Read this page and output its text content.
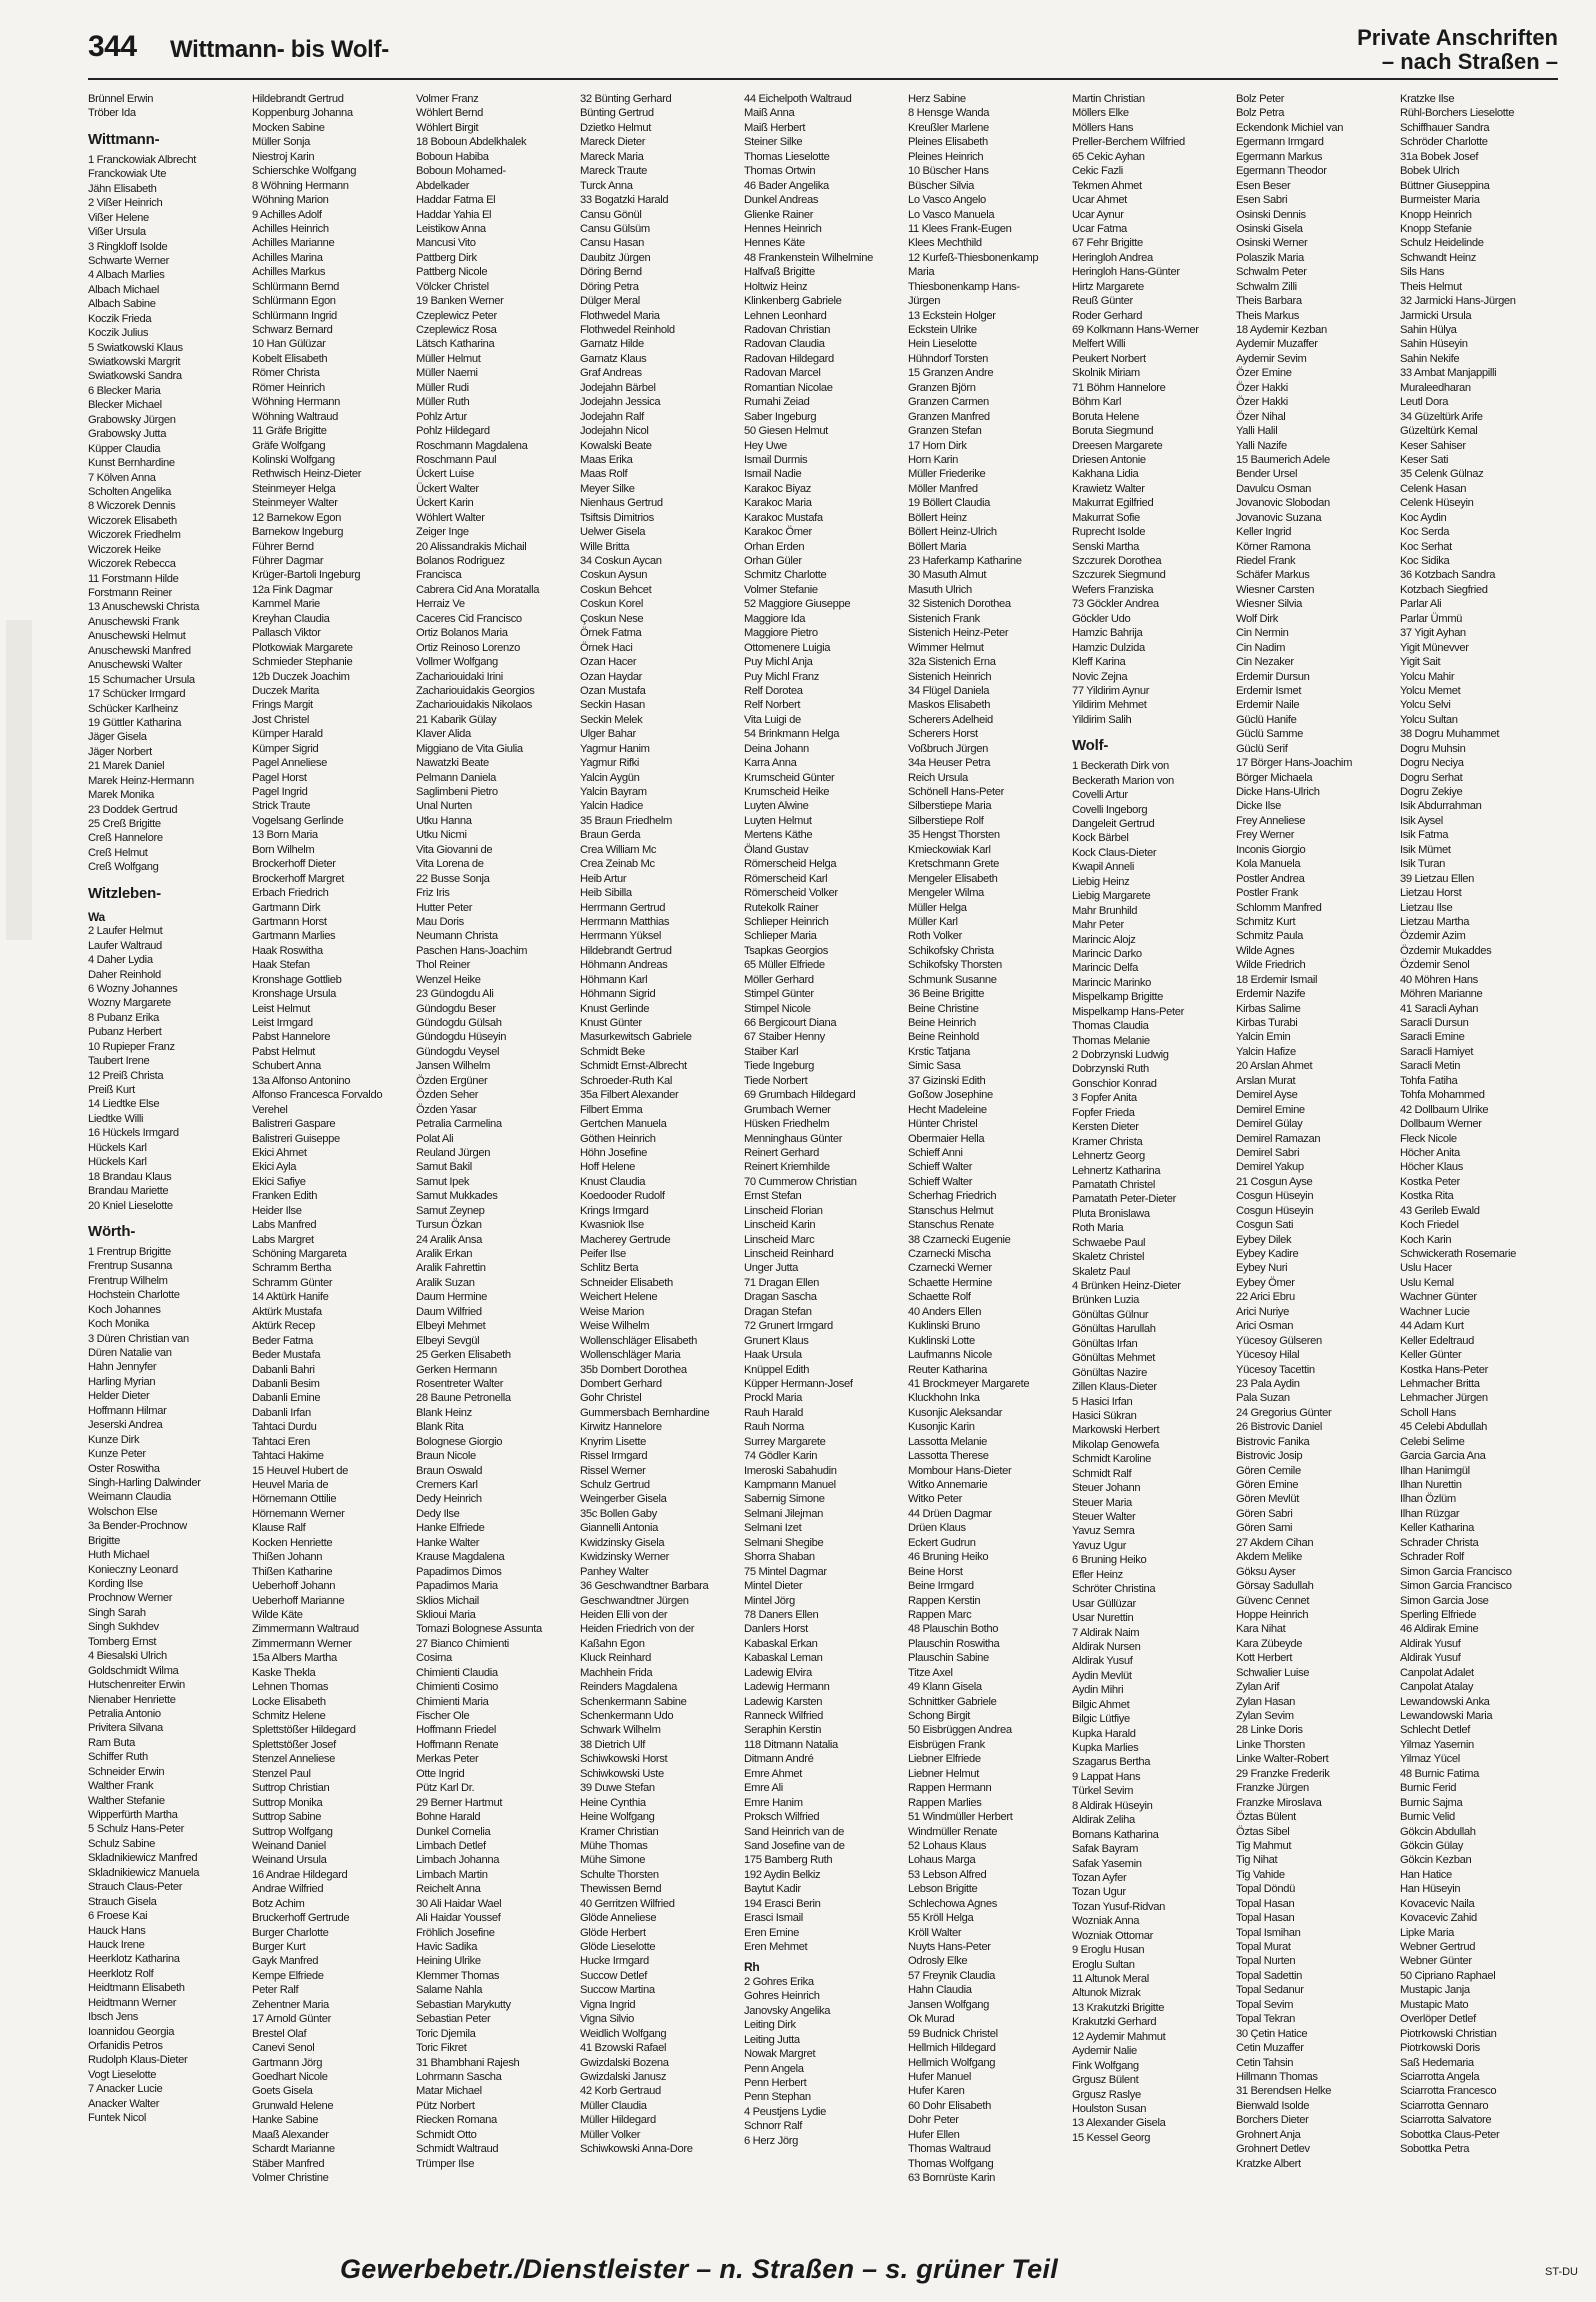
344 Wittmann- bis Wolf-	Private Anschriften
– nach Straßen –
Brünnel Erwin
Tröber Ida
Wittmann-
1 Franckowiak Albrecht
Franckowiak Ute
Jähn Elisabeth
2 Vißer Heinrich
Vißer Helene
Vißer Ursula
3 Ringkloff Isolde
Schwarte Werner
4 Albach Marlies
Albach Michael
Albach Sabine
Koczik Frieda
Koczik Julius
5 Swiatkowski Klaus
Swiatkowski Margrit
Swiatkowski Sandra
6 Blecker Maria
Blecker Michael
Grabowsky Jürgen
Grabowsky Jutta
Küpper Claudia
Kunst Bernhardine
7 Kölven Anna
Scholten Angelika
8 Wiczorek Dennis
Wiczorek Elisabeth
Wiczorek Friedhelm
Wiczorek Heike
Wiczorek Rebecca
11 Forstmann Hilde
Forstmann Reiner
13 Anuschewski Christa
Anuschewski Frank
Anuschewski Helmut
Anuschewski Manfred
Anuschewski Walter
15 Schumacher Ursula
17 Schücker Irmgard
Schücker Karlheinz
19 Güttler Katharina
Jäger Gisela
Jäger Norbert
21 Marek Daniel
Marek Heinz-Hermann
Marek Monika
23 Doddek Gertrud
25 Creß Brigitte
Creß Hannelore
Creß Helmut
Creß Wolfgang
Witzleben-
Wa
2 Laufer Helmut
Laufer Waltraud
4 Daher Lydia
Daher Reinhold
6 Wozny Johannes
Wozny Margarete
8 Pubanz Erika
Pubanz Herbert
10 Rupieper Franz
Taubert Irene
12 Preiß Christa
Preiß Kurt
14 Liedtke Else
Liedtke Willi
16 Hückels Irmgard
Hückels Karl
Hückels Karl
18 Brandau Klaus
Brandau Mariette
20 Kniel Lieselotte
Wörth-
1 Frentrup Brigitte
Frentrup Susanna
Frentrup Wilhelm
Hochstein Charlotte
Koch Johannes
Koch Monika
3 Düren Christian van
Düren Natalie van
Hahn Jennyfer
Harling Myrian
Helder Dieter
Hoffmann Hilmar
Jeserski Andrea
Kunze Dirk
Kunze Peter
Oster Roswitha
Singh-Harling Dalwinder
Weimann Claudia
Wolschon Else
3a Bender-Prochnow
Brigitte
Huth Michael
Konieczny Leonard
Kording Ilse
Prochnow Werner
Singh Sarah
Singh Sukhdev
Tomberg Ernst
4 Biesalski Ulrich
Goldschmidt Wilma
Hutschenreiter Erwin
Nienaber Henriette
Petralia Antonio
Privitera Silvana
Ram Buta
Schiffer Ruth
Schneider Erwin
Walther Frank
Walther Stefanie
Wipperfürth Martha
5 Schulz Hans-Peter
Schulz Sabine
Skladnikiewicz Manfred
Skladnikiewicz Manuela
Strauch Claus-Peter
Strauch Gisela
6 Froese Kai
Hauck Hans
Hauck Irene
Heerklotz Katharina
Heerklotz Rolf
Heidtmann Elisabeth
Heidtmann Werner
Ibsch Jens
Ioannidou Georgia
Orfanidis Petros
Rudolph Klaus-Dieter
Vogt Lieselotte
7 Anacker Lucie
Anacker Walter
Funtek Nicol
Hildebrandt Gertrud
Koppenburg Johanna
Mocken Sabine
Müller Sonja
Niestroj Karin
Schierschke Wolfgang
8 Wöhning Hermann
Wöhning Marion
9 Achilles Adolf
Achilles Heinrich
Achilles Marianne
Achilles Marina
Achilles Markus
Schlürmann Bernd
Schlürmann Egon
Schlürmann Ingrid
Schwarz Bernard
10 Han Gülüzar
Kobelt Elisabeth
Römer Christa
Römer Heinrich
Wöhning Hermann
Wöhning Waltraud
11 Gräfe Brigitte
Gräfe Wolfgang
Kolinski Wolfgang
Rethwisch Heinz-Dieter
Steinmeyer Helga
Steinmeyer Walter
12 Barnekow Egon
Barnekow Ingeburg
Führer Bernd
Führer Dagmar
Krüger-Bartoli Ingeburg
12a Fink Dagmar
Kammel Marie
Kreyhan Claudia
Pallasch Viktor
Plotkowiak Margarete
Schmieder Stephanie
12b Duczek Joachim
Duczek Marita
Frings Margit
Jost Christel
Kümper Harald
Kümper Sigrid
Pagel Anneliese
Pagel Horst
Pagel Ingrid
Strick Traute
Vogelsang Gerlinde
13 Born Maria
Born Wilhelm
Brockerhoff Dieter
Brockerhoff Margret
Erbach Friedrich
Gartmann Dirk
Gartmann Horst
Gartmann Marlies
Haak Roswitha
Haak Stefan
Kronshage Gottlieb
Kronshage Ursula
Leist Helmut
Leist Irmgard
Pabst Hannelore
Pabst Helmut
Schubert Anna
13a Alfonso Antonino
Alfonso Francesca Forvaldo
Verehel
Balistreri Gaspare
Balistreri Guiseppe
Ekici Ahmet
Ekici Ayla
Ekici Safiye
Franken Edith
Heider Ilse
Labs Manfred
Labs Margret
Schöning Margareta
Schramm Bertha
Schramm Günter
14 Aktürk Hanife
Aktürk Mustafa
Aktürk Recep
Beder Fatma
Beder Mustafa
Dabanli Bahri
Dabanli Besim
Dabanli Emine
Dabanli Irfan
Tahtaci Durdu
Tahtaci Eren
Tahtaci Hakime
15 Heuvel Hubert de
Heuvel Maria de
Hörnemann Ottilie
Hörnemann Werner
Klause Ralf
Kocken Henriette
Thißen Johann
Thißen Katharine
Ueberhoff Johann
Ueberhoff Marianne
Wilde Käte
Zimmermann Waltraud
Zimmermann Werner
15a Albers Martha
Kaske Thekla
Lehnen Thomas
Locke Elisabeth
Schmitz Helene
Splettstößer Hildegard
Splettstößer Josef
Stenzel Anneliese
Stenzel Paul
Suttrop Christian
Suttrop Monika
Suttrop Sabine
Suttrop Wolfgang
Weinand Daniel
Weinand Ursula
16 Andrae Hildegard
Andrae Wilfried
Botz Achim
Bruckerhoff Gertrude
Burger Charlotte
Burger Kurt
Gayk Manfred
Kempe Elfriede
Peter Ralf
Zehentner Maria
17 Arnold Günter
Brestel Olaf
Canevi Senol
Gartmann Jörg
Goedhart Nicole
Goets Gisela
Grunwald Helene
Hanke Sabine
Maaß Alexander
Schardt Marianne
Stäber Manfred
Volmer Christine
Volmer Franz
Wöhlert Bernd
Wöhlert Birgit
18 Boboun Abdelkhalek
Boboun Habiba
Boboun Mohamed-
Abdelkader
Haddar Fatma El
Haddar Yahia El
Leistikow Anna
Mancusi Vito
Pattberg Dirk
Pattberg Nicole
Völcker Christel
19 Banken Werner
Czeplewicz Peter
Czeplewicz Rosa
Lätsch Katharina
Müller Helmut
Müller Naemi
Müller Rudi
Müller Ruth
Pohlz Artur
Pohlz Hildegard
Roschmann Magdalena
Roschmann Paul
Ückert Luise
Ückert Walter
Ückert Karin
Wöhlert Walter
Zeiger Inge
20 Alissandrakis Michail
Bolanos Rodriguez
Francisca
Cabrera Cid Ana Moratalla
Herraiz Ve
Caceres Cid Francisco
Ortiz Bolanos Maria
Ortiz Reinoso Lorenzo
Vollmer Wolfgang
Zachariouidaki Irini
Zachariouidakis Georgios
Zachariouidakis Nikolaos
21 Kabarik Gülay
Klaver Alida
Miggiano de Vita Giulia
Nawatzki Beate
Pelmann Daniela
Saglimbeni Pietro
Unal Nurten
Utku Hanna
Utku Nicmi
Vita Giovanni de
Vita Lorena de
22 Busse Sonja
Friz Iris
Hutter Peter
Mau Doris
Neumann Christa
Paschen Hans-Joachim
Thol Reiner
Wenzel Heike
23 Gündogdu Ali
Gündogdu Beser
Gündogdu Gülsah
Gündogdu Hüseyin
Gündogdu Veysel
Jansen Wilhelm
Özden Ergüner
Özden Seher
Özden Yasar
Petralia Carmelina
Polat Ali
Reuland Jürgen
Samut Bakil
Samut Ipek
Samut Mukkades
Samut Zeynep
Tursun Özkan
24 Aralik Ansa
Aralik Erkan
Aralik Fahrettin
Aralik Suzan
Daum Hermine
Daum Wilfried
Elbeyi Mehmet
Elbeyi Sevgül
25 Gerken Elisabeth
Gerken Hermann
Rosentreter Walter
28 Baune Petronella
Blank Heinz
Blank Rita
Bolognese Giorgio
Braun Nicole
Braun Oswald
Cremers Karl
Dedy Heinrich
Dedy Ilse
Hanke Elfriede
Hanke Walter
Krause Magdalena
Papadimos Dimos
Papadimos Maria
Sklios Michail
Sklioui Maria
Tomazi Bolognese Assunta
27 Bianco Chimienti
Cosima
Chimienti Claudia
Chimienti Cosimo
Chimienti Maria
Fischer Ole
Hoffmann Friedel
Hoffmann Renate
Merkas Peter
Otte Ingrid
Pütz Karl Dr.
29 Berner Hartmut
Bohne Harald
Dunkel Cornelia
Limbach Detlef
Limbach Johanna
Limbach Martin
Reichelt Anna
30 Ali Haidar Wael
Ali Haidar Youssef
Fröhlich Josefine
Havic Sadika
Heining Ulrike
Klemmer Thomas
Salame Nahla
Sebastian Marykutty
Sebastian Peter
Toric Djemila
Toric Fikret
31 Bhambhani Rajesh
Lohrmann Sascha
Matar Michael
Pütz Norbert
Riecken Romana
Schmidt Otto
Schmidt Waltraud
Trümper Ilse
32 Bünting Gerhard
Bünting Gertrud
Dzietko Helmut
Mareck Dieter
Mareck Maria
Mareck Traute
Turck Anna
33 Bogatzki Harald
Cansu Gönül
Cansu Gülsüm
Cansu Hasan
Daubitz Jürgen
Döring Bernd
Döring Petra
Dülger Meral
Flothwedel Maria
Flothwedel Reinhold
Garnatz Hilde
Garnatz Klaus
Graf Andreas
Jodejahn Bärbel
Jodejahn Jessica
Jodejahn Ralf
Jodejahn Nicol
Kowalski Beate
Maas Erika
Maas Rolf
Meyer Silke
Nienhaus Gertrud
Tsiftsis Dimitrios
Uelwer Gisela
Wille Britta
34 Coskun Aycan
Coskun Aysun
Coskun Behcet
Coskun Korel
Çoskun Nese
Örnek Fatma
Örnek Haci
Ozan Hacer
Ozan Haydar
Ozan Mustafa
Seckin Hasan
Seckin Melek
Ulger Bahar
Yagmur Hanim
Yagmur Rifki
Yalcin Aygün
Yalcin Bayram
Yalcin Hadice
35 Braun Friedhelm
Braun Gerda
Crea William Mc
Crea Zeinab Mc
Heib Artur
Heib Sibilla
Herrmann Gertrud
Herrmann Matthias
Herrmann Yüksel
Hildebrandt Gertrud
Höhmann Andreas
Höhmann Karl
Höhmann Sigrid
Knust Gerlinde
Knust Günter
Masurkewitsch Gabriele
Schmidt Beke
Schmidt Ernst-Albrecht
Schroeder-Ruth Kal
35a Filbert Alexander
Filbert Emma
Gertchen Manuela
Göthen Heinrich
Höhn Josefine
Hoff Helene
Knust Claudia
Koedooder Rudolf
Krings Irmgard
Kwasniok Ilse
Macherey Gertrude
Peifer Ilse
Schlitz Berta
Schneider Elisabeth
Weichert Helene
Weise Marion
Weise Wilhelm
Wollenschläger Elisabeth
Wollenschläger Maria
35b Dombert Dorothea
Dombert Gerhard
Gohr Christel
Gummersbach Bernhardine
Kirwitz Hannelore
Knyrim Lisette
Rissel Irmgard
Rissel Werner
Schulz Gertrud
Weingerber Gisela
35c Bollen Gaby
Giannelli Antonia
Kwidzinsky Gisela
Kwidzinsky Werner
Panhey Walter
36 Geschwandtner Barbara
Geschwandtner Jürgen
Heiden Elli von der
Heiden Friedrich von der
Kaßahn Egon
Kluck Reinhard
Machhein Frida
Reinders Magdalena
Schenkermann Sabine
Schenkermann Udo
Schwark Wilhelm
38 Dietrich Ulf
Schiwkowski Horst
Schiwkowski Uste
39 Duwe Stefan
Heine Cynthia
Heine Wolfgang
Kramer Christian
Mühe Thomas
Mühe Simone
Schulte Thorsten
Thewissen Bernd
40 Gerritzen Wilfried
Glöde Anneliese
Glöde Herbert
Glöde Lieselotte
Hucke Irmgard
Succow Detlef
Succow Martina
Vigna Ingrid
Vigna Silvio
Weidlich Wolfgang
41 Bzowski Rafael
Gwizdalski Bozena
Gwizdalski Janusz
42 Korb Gertraud
Müller Claudia
Müller Hildegard
Müller Volker
Schiwkowski Anna-Dore
44 Eichelpoth Waltraud
Maiß Anna
Maiß Herbert
Steiner Silke
Thomas Lieselotte
Thomas Ortwin
46 Bader Angelika
Dunkel Andreas
Glienke Rainer
Hennes Heinrich
Hennes Käte
48 Frankenstein Wilhelmine
Halfvaß Brigitte
Holtwiz Heinz
Klinkenberg Gabriele
Lehnen Leonhard
Radovan Christian
Radovan Claudia
Radovan Hildegard
Radovan Marcel
Romantian Nicolae
Rumahi Zeiad
Saber Ingeburg
50 Giesen Helmut
Hey Uwe
Ismail Durmis
Ismail Nadie
Karakoc Biyaz
Karakoc Maria
Karakoc Mustafa
Karakoc Ömer
Orhan Erden
Orhan Güler
Schmitz Charlotte
Volmer Stefanie
52 Maggiore Giuseppe
Maggiore Ida
Maggiore Pietro
Ottomenere Luigia
Puy Michl Anja
Puy Michl Franz
Relf Dorotea
Relf Norbert
Vita Luigi de
54 Brinkmann Helga
Deina Johann
Karra Anna
Krumscheid Günter
Krumscheid Heike
Luyten Alwine
Luyten Helmut
Mertens Käthe
Öland Gustav
Römerscheid Helga
Römerscheid Karl
Römerscheid Volker
Rutekolk Rainer
Schlieper Heinrich
Schlieper Maria
Tsapkas Georgios
65 Müller Elfriede
Möller Gerhard
Stimpel Günter
Stimpel Nicole
66 Bergicourt Diana
67 Staiber Henny
Staiber Karl
Tiede Ingeburg
Tiede Norbert
69 Grumbach Hildegard
Grumbach Werner
Hüsken Friedhelm
Menninghaus Günter
Reinert Gerhard
Reinert Kriemhilde
70 Cummerow Christian
Ernst Stefan
Linscheid Florian
Linscheid Karin
Linscheid Marc
Linscheid Reinhard
Unger Jutta
71 Dragan Ellen
Dragan Sascha
Dragan Stefan
72 Grunert Irmgard
Grunert Klaus
Haak Ursula
Knüppel Edith
Küpper Hermann-Josef
Prockl Maria
Rauh Harald
Rauh Norma
Surrey Margarete
74 Gödler Karin
Imeroski Sabahudin
Kampmann Manuel
Sabernig Simone
Selmani Jilejman
Selmani Izet
Selmani Shegibe
Shorra Shaban
75 Mintel Dagmar
Mintel Dieter
Mintel Jörg
78 Daners Ellen
Danlers Horst
Kabaskal Erkan
Kabaskal Leman
Ladewig Elvira
Ladewig Hermann
Ladewig Karsten
Ranneck Wilfried
Seraphin Kerstin
118 Ditmann Natalia
Ditmann André
Emre Ahmet
Emre Ali
Emre Hanim
Proksch Wilfried
Sand Heinrich van de
Sand Josefine van de
175 Bamberg Ruth
192 Aydin Belkiz
Baytut Kadir
194 Erasci Berin
Erasci Ismail
Eren Emine
Eren Mehmet
Rh
2 Gohres Erika
Gohres Heinrich
Janovsky Angelika
Leiting Dirk
Leiting Jutta
Nowak Margret
Penn Angela
Penn Herbert
Penn Stephan
4 Peustjens Lydie
Schnorr Ralf
6 Herz Jörg
Herz Sabine
8 Hensge Wanda
Kreußler Marlene
Pleines Elisabeth
Pleines Heinrich
10 Büscher Hans
Büscher Silvia
Lo Vasco Angelo
Lo Vasco Manuela
11 Klees Frank-Eugen
Klees Mechthild
12 Kurfeß-Thiesbonenkamp
Maria
Thiesbonenkamp Hans-
Jürgen
13 Eckstein Holger
Eckstein Ulrike
Hein Lieselotte
Hühndorf Torsten
15 Granzen Andre
Granzen Björn
Granzen Carmen
Granzen Manfred
Granzen Stefan
17 Horn Dirk
Horn Karin
Müller Friederike
Möller Manfred
19 Böllert Claudia
Böllert Heinz
Böllert Heinz-Ulrich
Böllert Maria
23 Haferkamp Katharine
30 Masuth Almut
Masuth Ulrich
32 Sistenich Dorothea
Sistenich Frank
Sistenich Heinz-Peter
Wimmer Helmut
32a Sistenich Erna
Sistenich Heinrich
34 Flügel Daniela
Maskos Elisabeth
Scherers Adelheid
Scherers Horst
Voßbruch Jürgen
34a Heuser Petra
Reich Ursula
Schönell Hans-Peter
Silberstiepe Maria
Silberstiepe Rolf
35 Hengst Thorsten
Kmieckowiak Karl
Kretschmann Grete
Mengeler Elisabeth
Mengeler Wilma
Müller Helga
Müller Karl
Roth Volker
Schikofsky Christa
Schikofsky Thorsten
Schmunk Susanne
36 Beine Brigitte
Beine Christine
Beine Heinrich
Beine Reinhold
Krstic Tatjana
Simic Sasa
37 Gizinski Edith
Goßow Josephine
Hecht Madeleine
Hünter Christel
Obermaier Hella
Schieff Anni
Schieff Walter
Schieff Walter
Scherhag Friedrich
Stanschus Helmut
Stanschus Renate
38 Czarnecki Eugenie
Czarnecki Mischa
Czarnecki Werner
Schaette Hermine
Schaette Rolf
40 Anders Ellen
Kuklinski Bruno
Kuklinski Lotte
Laufmanns Nicole
Reuter Katharina
41 Brockmeyer Margarete
Kluckhohn Inka
Kusonjic Aleksandar
Kusonjic Karin
Lassotta Melanie
Lassotta Therese
Mombour Hans-Dieter
Witko Annemarie
Witko Peter
44 Drüen Dagmar
Drüen Klaus
Eckert Gudrun
46 Bruning Heiko
Beine Horst
Beine Irmgard
Rappen Kerstin
Rappen Marc
48 Plauschin Botho
Plauschin Roswitha
Plauschin Sabine
Titze Axel
49 Klann Gisela
Schnittker Gabriele
Schong Birgit
50 Eisbrüggen Andrea
Eisbrügen Frank
Liebner Elfriede
Liebner Helmut
Rappen Hermann
Rappen Marlies
51 Windmüller Herbert
Windmüller Renate
52 Lohaus Klaus
Lohaus Marga
53 Lebson Alfred
Lebson Brigitte
Schlechowa Agnes
55 Kröll Helga
Kröll Walter
Nuyts Hans-Peter
Odrosly Elke
57 Freynik Claudia
Hahn Claudia
Jansen Wolfgang
Ok Murad
59 Budnick Christel
Hellmich Hildegard
Hellmich Wolfgang
Hufer Manuel
Hufer Karen
60 Dohr Elisabeth
Dohr Peter
Hufer Ellen
Thomas Waltraud
Thomas Wolfgang
63 Bornrüste Karin
Martin Christian
Möllers Elke
Möllers Hans
Preller-Berchem Wilfried
65 Cekic Ayhan
Cekic Fazli
Tekmen Ahmet
Ucar Ahmet
Ucar Aynur
Ucar Fatma
67 Fehr Brigitte
Heringloh Andrea
Heringloh Hans-Günter
Hirtz Margarete
Reuß Günter
Roder Gerhard
69 Kolkmann Hans-Werner
Melfert Willi
Peukert Norbert
Skolnik Miriam
71 Böhm Hannelore
Böhm Karl
Boruta Helene
Boruta Siegmund
Dreesen Margarete
Driesen Antonie
Kakhana Lidia
Krawietz Walter
Makurrat Egilfried
Makurrat Sofie
Ruprecht Isolde
Senski Martha
Szczurek Dorothea
Szczurek Siegmund
Wefers Franziska
73 Göckler Andrea
Göckler Udo
Hamzic Bahrija
Hamzic Dulzida
Kleff Karina
Novic Zejna
77 Yildirim Aynur
Yildirim Mehmet
Yildirim Salih
Wolf-
1 Beckerath Dirk von
Beckerath Marion von
Covelli Artur
Covelli Ingeborg
Dangeleit Gertrud
Kock Bärbel
Kock Claus-Dieter
Kwapil Anneli
Liebig Heinz
Liebig Margarete
Mahr Brunhild
Mahr Peter
Marincic Alojz
Marincic Darko
Marincic Delfa
Marincic Marinko
Mispelkamp Brigitte
Mispelkamp Hans-Peter
Thomas Claudia
Thomas Melanie
2 Dobrzynski Ludwig
Dobrzynski Ruth
Gonschior Konrad
3 Fopfer Anita
Fopfer Frieda
Kersten Dieter
Kramer Christa
Lehnertz Georg
Lehnertz Katharina
Pamatath Christel
Pamatath Peter-Dieter
Pluta Bronislawa
Roth Maria
Schwaebe Paul
Skaletz Christel
Skaletz Paul
4 Brünken Heinz-Dieter
Brünken Luzia
Gönültas Gülnur
Gönültas Harullah
Gönültas Irfan
Gönültas Mehmet
Gönültas Nazire
Zillen Klaus-Dieter
5 Hasici Irfan
Hasici Sükran
Markowski Herbert
Mikolap Genowefa
Schmidt Karoline
Schmidt Ralf
Steuer Johann
Steuer Maria
Steuer Walter
Yavuz Semra
Yavuz Ugur
6 Bruning Heiko
Efler Heinz
Schröter Christina
Usar Güllüzar
Usar Nurettin
7 Aldirak Naim
Aldirak Nursen
Aldirak Yusuf
Aydin Mevlüt
Aydin Mihri
Bilgic Ahmet
Bilgic Lütfiye
Kupka Harald
Kupka Marlies
Szagarus Bertha
9 Lappat Hans
Türkel Sevim
8 Aldirak Hüseyin
Aldirak Zeliha
Bomans Katharina
Safak Bayram
Safak Yasemin
Tozan Ayfer
Tozan Ugur
Tozan Yusuf-Ridvan
Wozniak Anna
Wozniak Ottomar
9 Eroglu Husan
Eroglu Sultan
11 Altunok Meral
Altunok Mizrak
13 Krakutzki Brigitte
Krakutzki Gerhard
12 Aydemir Mahmut
Aydemir Nalie
Fink Wolfgang
Grgusz Bülent
Grgusz Raslye
Houlston Susan
13 Alexander Gisela
15 Kessel Georg
Bolz Peter
Bolz Petra
Eckendonk Michiel van
Egermann Irmgard
Egermann Markus
Egermann Theodor
Esen Beser
Esen Sabri
Osinski Dennis
Osinski Gisela
Osinski Werner
Polaszik Maria
Schwalm Peter
Schwalm Zilli
Theis Barbara
Theis Markus
18 Aydemir Kezban
Aydemir Muzaffer
Aydemir Sevim
Özer Emine
Özer Hakki
Özer Hakki
Özer Nihal
Yalli Halil
Yalli Nazife
15 Baumerich Adele
Bender Ursel
Davulcu Osman
Jovanovic Slobodan
Jovanovic Suzana
Keller Ingrid
Körner Ramona
Riedel Frank
Schäfer Markus
Wiesner Carsten
Wiesner Silvia
Wolf Dirk
Cin Nermin
Cin Nadim
Cin Nezaker
Erdemir Dursun
Erdemir Ismet
Erdemir Naile
Güclü Hanife
Güclü Samme
Güclü Serif
17 Börger Hans-Joachim
Börger Michaela
Dicke Hans-Ulrich
Dicke Ilse
Frey Anneliese
Frey Werner
Inconis Giorgio
Kola Manuela
Postler Andrea
Postler Frank
Schlomm Manfred
Schmitz Kurt
Schmitz Paula
Wilde Agnes
Wilde Friedrich
18 Erdemir Ismail
Erdemir Nazife
Kirbas Salime
Kirbas Turabi
Yalcin Emin
Yalcin Hafize
20 Arslan Ahmet
Arslan Murat
Demirel Ayse
Demirel Emine
Demirel Gülay
Demirel Ramazan
Demirel Sabri
Demirel Yakup
21 Cosgun Ayse
Cosgun Hüseyin
Cosgun Hüseyin
Cosgun Sati
Eybey Dilek
Eybey Kadire
Eybey Nuri
Eybey Ömer
22 Arici Ebru
Arici Nuriye
Arici Osman
Yücesoy Gülseren
Yücesoy Hilal
Yücesoy Tacettin
23 Pala Aydin
Pala Suzan
24 Gregorius Günter
26 Bistrovic Daniel
Bistrovic Fanika
Bistrovic Josip
Gören Cemile
Gören Emine
Gören Mevlüt
Gören Sabri
Gören Sami
27 Akdem Cihan
Akdem Melike
Göksu Ayser
Görsay Sadullah
Güvenc Cennet
Hoppe Heinrich
Kara Nihat
Kara Zübeyde
Kott Herbert
Schwalier Luise
Zylan Arif
Zylan Hasan
Zylan Sevim
28 Linke Doris
Linke Thorsten
Linke Walter-Robert
29 Franzke Frederik
Franzke Jürgen
Franzke Miroslava
Öztas Bülent
Öztas Sibel
Tig Mahmut
Tig Nihat
Tig Vahide
Topal Döndü
Topal Hasan
Topal Hasan
Topal Ismihan
Topal Murat
Topal Nurten
Topal Sadettin
Topal Sedanur
Topal Sevim
Topal Tekran
30 Çetin Hatice
Cetin Muzaffer
Cetin Tahsin
Hillmann Thomas
31 Berendsen Helke
Bienwald Isolde
Borchers Dieter
Grohnert Anja
Grohnert Detlev
Kratzke Albert
Kratzke Ilse
Rühl-Borchers Lieselotte
Schiffhauer Sandra
Schröder Charlotte
31a Bobek Josef
Bobek Ulrich
Büttner Giuseppina
Burmeister Maria
Knopp Heinrich
Knopp Stefanie
Schulz Heidelinde
Schwandt Heinz
Sils Hans
Theis Helmut
32 Jarmicki Hans-Jürgen
Jarmicki Ursula
Sahin Hülya
Sahin Hüseyin
Sahin Nekife
33 Ambat Manjappilli
Muraleedharan
Leutl Dora
34 Güzeltürk Arife
Güzeltürk Kemal
Keser Sahiser
Keser Sati
35 Celenk Gülnaz
Celenk Hasan
Celenk Hüseyin
Koc Aydin
Koc Serda
Koc Serhat
Koc Sidika
36 Kotzbach Sandra
Kotzbach Siegfried
Parlar Ali
Parlar Ümmü
37 Yigit Ayhan
Yigit Münevver
Yigit Sait
Yolcu Mahir
Yolcu Memet
Yolcu Selvi
Yolcu Sultan
38 Dogru Muhammet
Dogru Muhsin
Dogru Neciya
Dogru Serhat
Dogru Zekiye
Isik Abdurrahman
Isik Aysel
Isik Fatma
Isik Mümet
Isik Turan
39 Lietzau Ellen
Lietzau Horst
Lietzau Ilse
Lietzau Martha
Özdemir Azim
Özdemir Mukaddes
Özdemir Senol
40 Möhren Hans
Möhren Marianne
41 Saracli Ayhan
Saracli Dursun
Saracli Emine
Saracli Hamiyet
Saracli Metin
Tohfa Fatiha
Tohfa Mohammed
42 Dollbaum Ulrike
Dollbaum Werner
Fleck Nicole
Höcher Anita
Höcher Klaus
Kostka Peter
Kostka Rita
43 Gerileb Ewald
Koch Friedel
Koch Karin
Schwickerath Rosemarie
Uslu Hacer
Uslu Kemal
Wachner Günter
Wachner Lucie
44 Adam Kurt
Keller Edeltraud
Keller Günter
Kostka Hans-Peter
Lehmacher Britta
Lehmacher Jürgen
Scholl Hans
45 Celebi Abdullah
Celebi Selime
Garcia Garcia Ana
Ilhan Hanimgül
Ilhan Nurettin
Ilhan Özlüm
Ilhan Rüzgar
Keller Katharina
Schrader Christa
Schrader Rolf
Simon Garcia Francisco
Simon Garcia Francisco
Simon Garcia Jose
Sperling Elfriede
46 Aldirak Emine
Aldirak Yusuf
Aldirak Yusuf
Canpolat Adalet
Canpolat Atalay
Lewandowski Anka
Lewandowski Maria
Schlecht Detlef
Yilmaz Yasemin
Yilmaz Yücel
48 Burnic Fatima
Burnic Ferid
Burnic Sajma
Burnic Velid
Gökcin Abdullah
Gökcin Gülay
Gökcin Kezban
Han Hatice
Han Hüseyin
Kovacevic Naila
Kovacevic Zahid
Lipke Maria
Webner Gertrud
Webner Günter
50 Cipriano Raphael
Mustapic Janja
Mustapic Mato
Overlöper Detlef
Piotrkowski Christian
Piotrkowski Doris
Saß Hedemaria
Sciarrotta Angela
Sciarrotta Francesco
Sciarrotta Gennaro
Sciarrotta Salvatore
Sobottka Claus-Peter
Sobottka Petra
Gewerbebetr./Dienstleister – n. Straßen – s. grüner Teil	ST-DU
